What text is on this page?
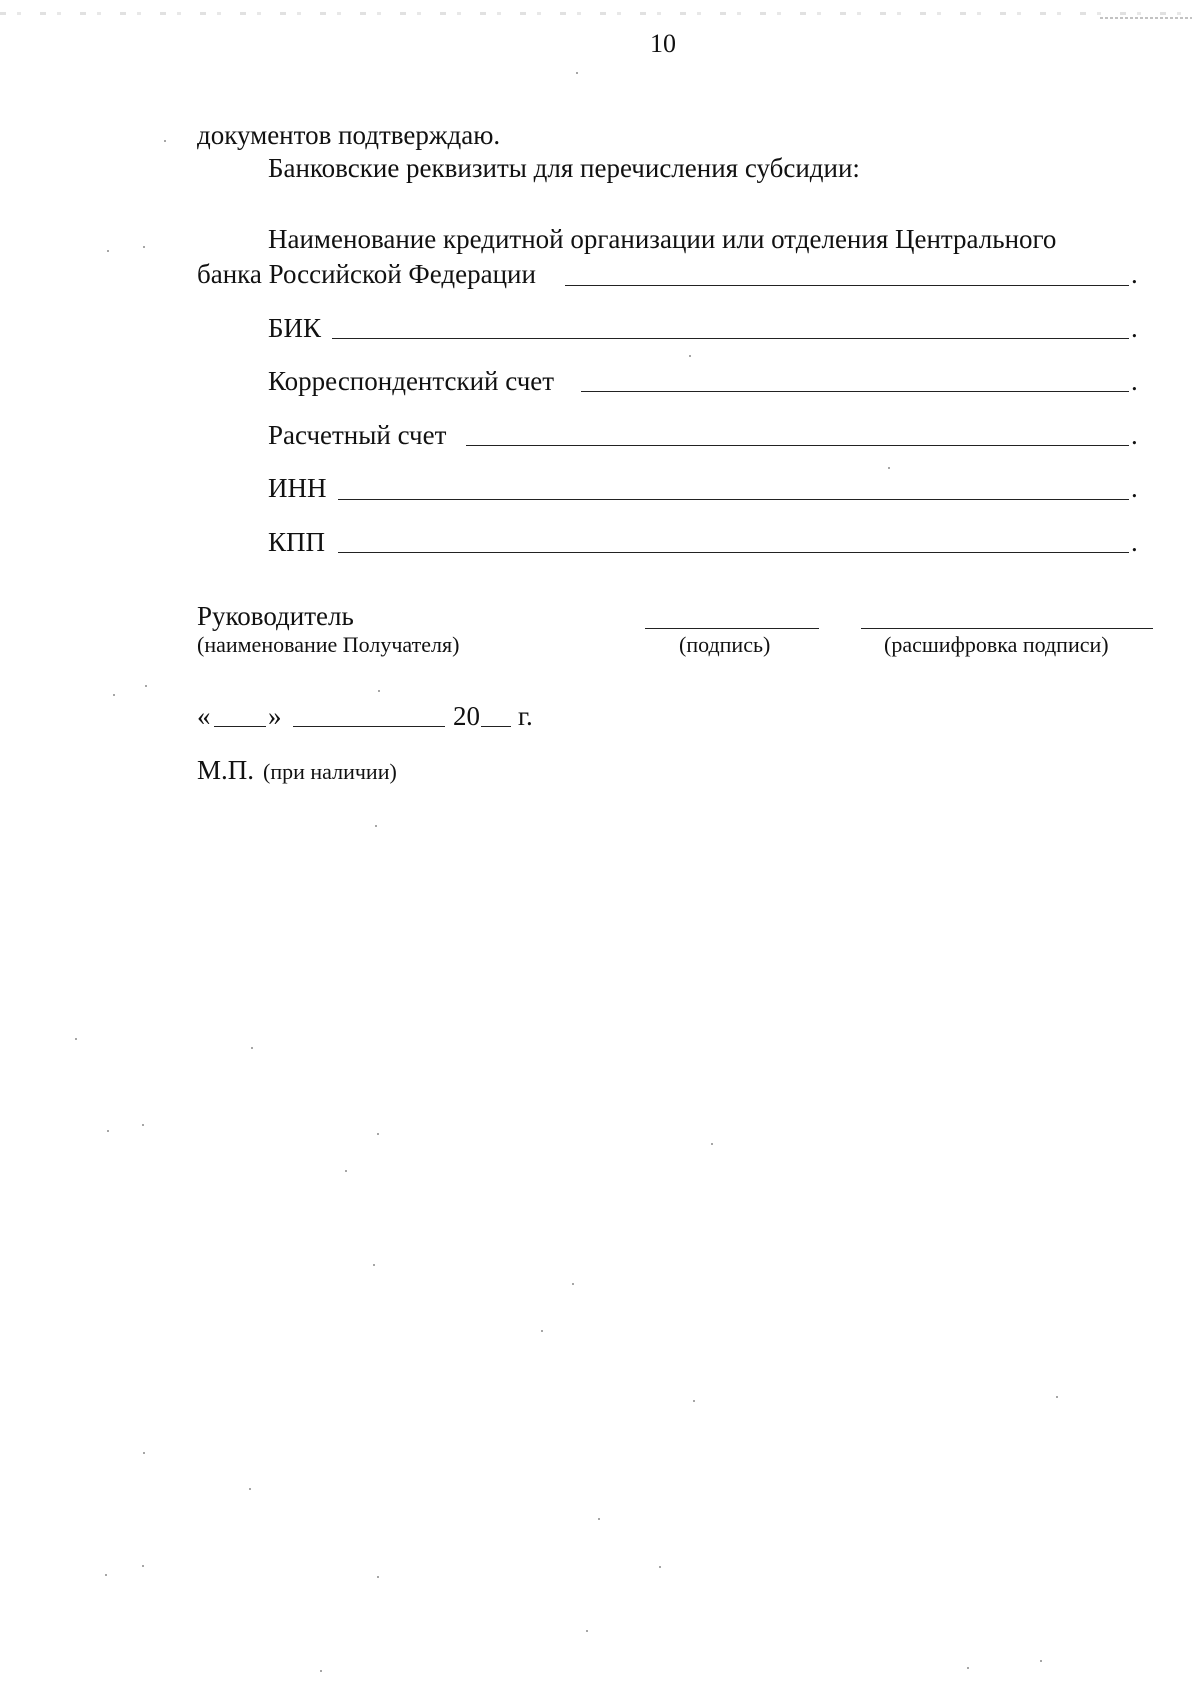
10
документов подтверждаю.
Банковские реквизиты для перечисления субсидии:
Наименование кредитной организации или отделения Центрального
банка Российской Федерации	.
БИК	.
Корреспондентский счет	.
Расчетный счет	.
ИНН	.
КПП	.
Руководитель
(наименование Получателя)	(подпись)	(расшифровка подписи)
« »	20 г.
М.П. (при наличии)
